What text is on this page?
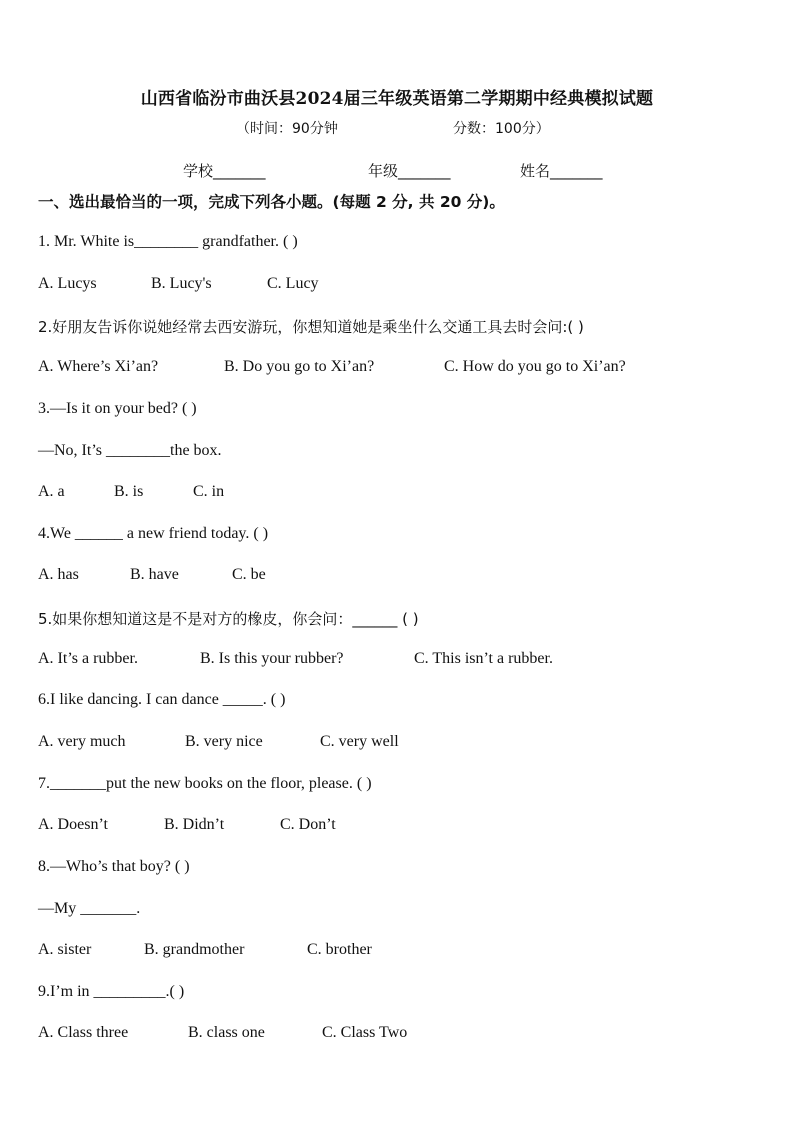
山西省临汾市曲沃县2024届三年级英语第二学期期中经典模拟试题
（时间：90分钟	分数：100分）
学校_______	年级_______	姓名_______
一、选出最恰当的一项，完成下列各小题。(每题 2 分, 共 20 分)。
1. Mr. White is________ grandfather. ( )
A. Lucys	B. Lucy's	C. Lucy
2.好朋友告诉你说她经常去西安游玩，你想知道她是乘坐什么交通工具去时会问:( )
A. Where’s Xi’an?	B. Do you go to Xi’an?	C. How do you go to Xi’an?
3.—Is it on your bed? ( )
—No, It’s ________the box.
A. a	B. is	C. in
4.We ______ a new friend today. ( )
A. has	B. have	C. be
5.如果你想知道这是不是对方的橡皮，你会问：______ ( )
A. It’s a rubber.	B. Is this your rubber?	C. This isn’t a rubber.
6.I like dancing. I can dance _____. ( )
A. very much	B. very nice	C. very well
7._______put the new books on the floor, please. ( )
A. Doesn’t	B. Didn’t	C. Don’t
8.—Who’s that boy? ( )
—My _______.
A. sister	B. grandmother	C. brother
9.I’m in _________.( )
A. Class three	B. class one	C. Class Two
